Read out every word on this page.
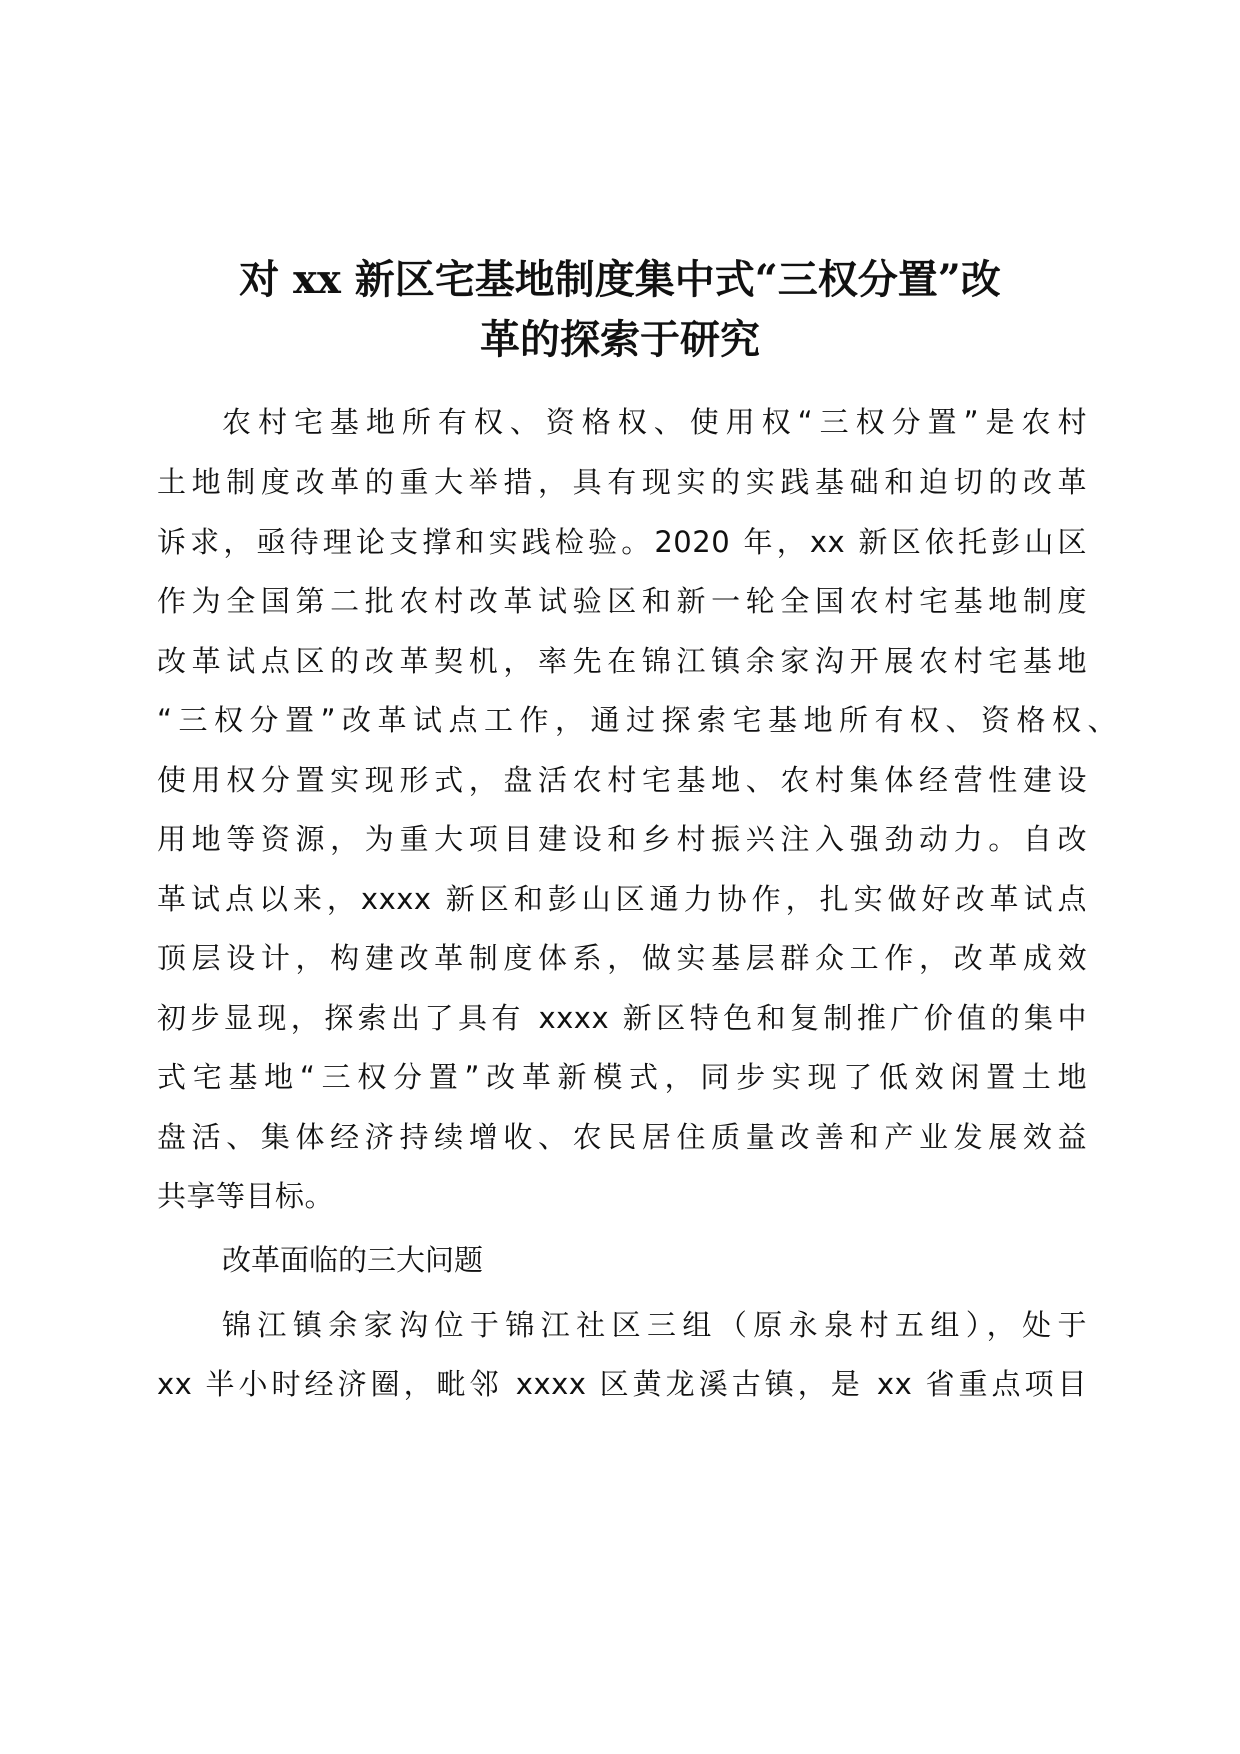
对 xx 新区宅基地制度集中式“三权分置”改
革的探索于研究
农村宅基地所有权、资格权、使用权“三权分置”是农村
土地制度改革的重大举措，具有现实的实践基础和迫切的改革
诉求，亟待理论支撑和实践检验。2020 年，xx 新区依托彭山区
作为全国第二批农村改革试验区和新一轮全国农村宅基地制度
改革试点区的改革契机，率先在锦江镇余家沟开展农村宅基地
“三权分置”改革试点工作，通过探索宅基地所有权、资格权、
使用权分置实现形式，盘活农村宅基地、农村集体经营性建设
用地等资源，为重大项目建设和乡村振兴注入强劲动力。自改
革试点以来，xxxx 新区和彭山区通力协作，扎实做好改革试点
顶层设计，构建改革制度体系，做实基层群众工作，改革成效
初步显现，探索出了具有 xxxx 新区特色和复制推广价值的集中
式宅基地“三权分置”改革新模式，同步实现了低效闲置土地
盘活、集体经济持续增收、农民居住质量改善和产业发展效益
共享等目标。
改革面临的三大问题
锦江镇余家沟位于锦江社区三组（原永泉村五组），处于
xx 半小时经济圈，毗邻 xxxx 区黄龙溪古镇，是 xx 省重点项目
